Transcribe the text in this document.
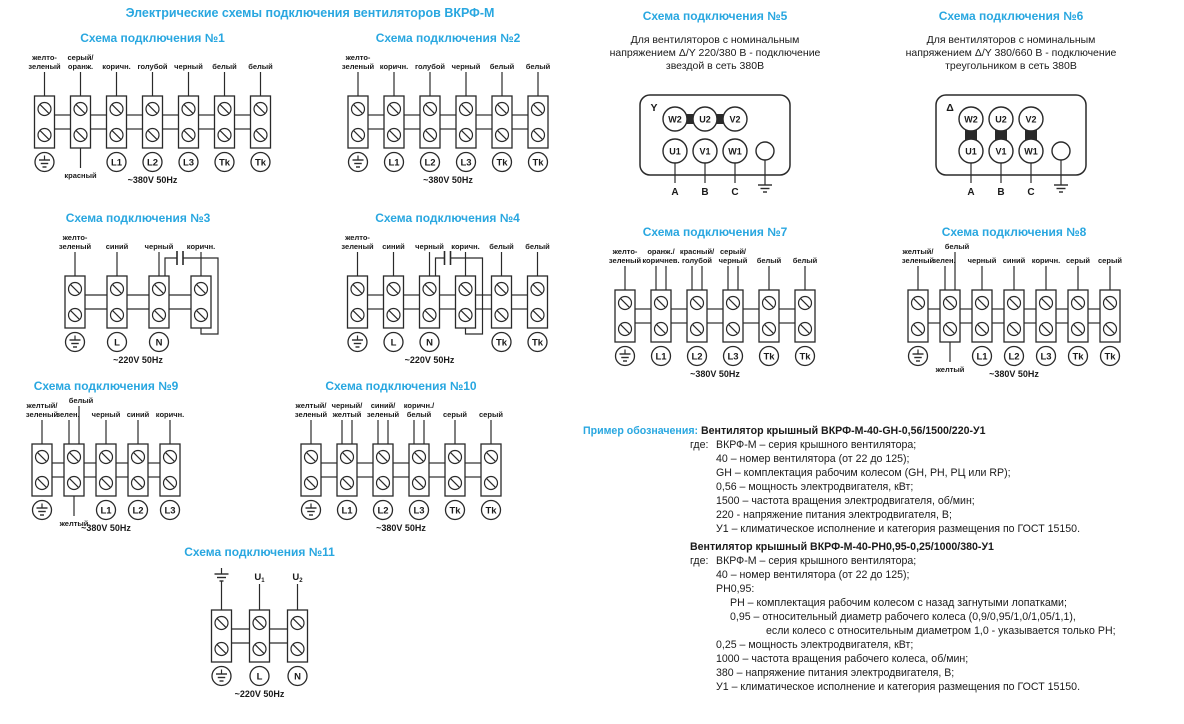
Электрические схемы подключения вентиляторов ВКРФ-М
Схема подключения №1
желто-
зеленый
серый/
оранж.
красный
коричн.
L1
голубой
L2
черный
L3
белый
Tk
белый
Tk
~380V 50Hz
Схема подключения №2
желто-
зеленый коричн.
L1
голубой
L2
черный
L3
белый
Tk
белый
Tk
~380V 50Hz
Схема подключения №3
желто-
зеленый синий
L
черный
N
коричн.
~220V 50Hz
Схема подключения №4
желто-
зеленый синий
L
черный
N
коричн. белый
Tk
белый
Tk
~220V 50Hz
Схема подключения №5
Для вентиляторов с номинальным
напряжением Δ/Y 220/380 В - подключение
звездой в сеть 380В
Y
W2 U2 V2
U1
A
V1
B
W1
C
Схема подключения №6
Для вентиляторов с номинальным
напряжением Δ/Y 380/660 В - подключение
треугольником в сеть 380В
Δ
W2 U2 V2
U1
A
V1
B
W1
C
Схема подключения №7
желто-
зеленый
оранж./
коричнев.
L1
красный/
голубой
L2
серый/
черный
L3
белый
Tk
белый
Tk
~380V 50Hz
Схема подключения №8
желтый/
зеленый
зелен.
белый
желтый
черный
L1
синий
L2
коричн.
L3
серый
Tk
серый
Tk
~380V 50Hz
Схема подключения №9
желтый/
зеленый
зелен.
белый
желтый
черный
L1
синий
L2
коричн.
L3
~380V 50Hz
Схема подключения №10
желтый/
зеленый
черный/
желтый
L1
синий/
зеленый
L2
коричн./
белый
L3
серый
Tk
серый
Tk
~380V 50Hz
Схема подключения №11
$U_1$
L
$U_2$
N
~220V 50Hz
Пример обозначения: Вентилятор крышный ВКРФ-М-40-GH-0,56/1500/220-У1
где: ВКРФ-М – серия крышного вентилятора;
40 – номер вентилятора (от 22 до 125);
GH – комплектация рабочим колесом (GH, PH, РЦ или RP);
0,56 – мощность электродвигателя, кВт;
1500 – частота вращения электродвигателя, об/мин;
220 - напряжение питания электродвигателя, В;
У1 – климатическое исполнение и категория размещения по ГОСТ 15150.
Вентилятор крышный ВКРФ-М-40-PH0,95-0,25/1000/380-У1
где: ВКРФ-М – серия крышного вентилятора;
40 – номер вентилятора (от 22 до 125);
PH0,95:
PH – комплектация рабочим колесом с назад загнутыми лопатками;
0,95 – относительный диаметр рабочего колеса (0,9/0,95/1,0/1,05/1,1),
если колесо с относительным диаметром 1,0 - указывается только PH;
0,25 – мощность электродвигателя, кВт;
1000 – частота вращения рабочего колеса, об/мин;
380 – напряжение питания электродвигателя, В;
У1 – климатическое исполнение и категория размещения по ГОСТ 15150.
